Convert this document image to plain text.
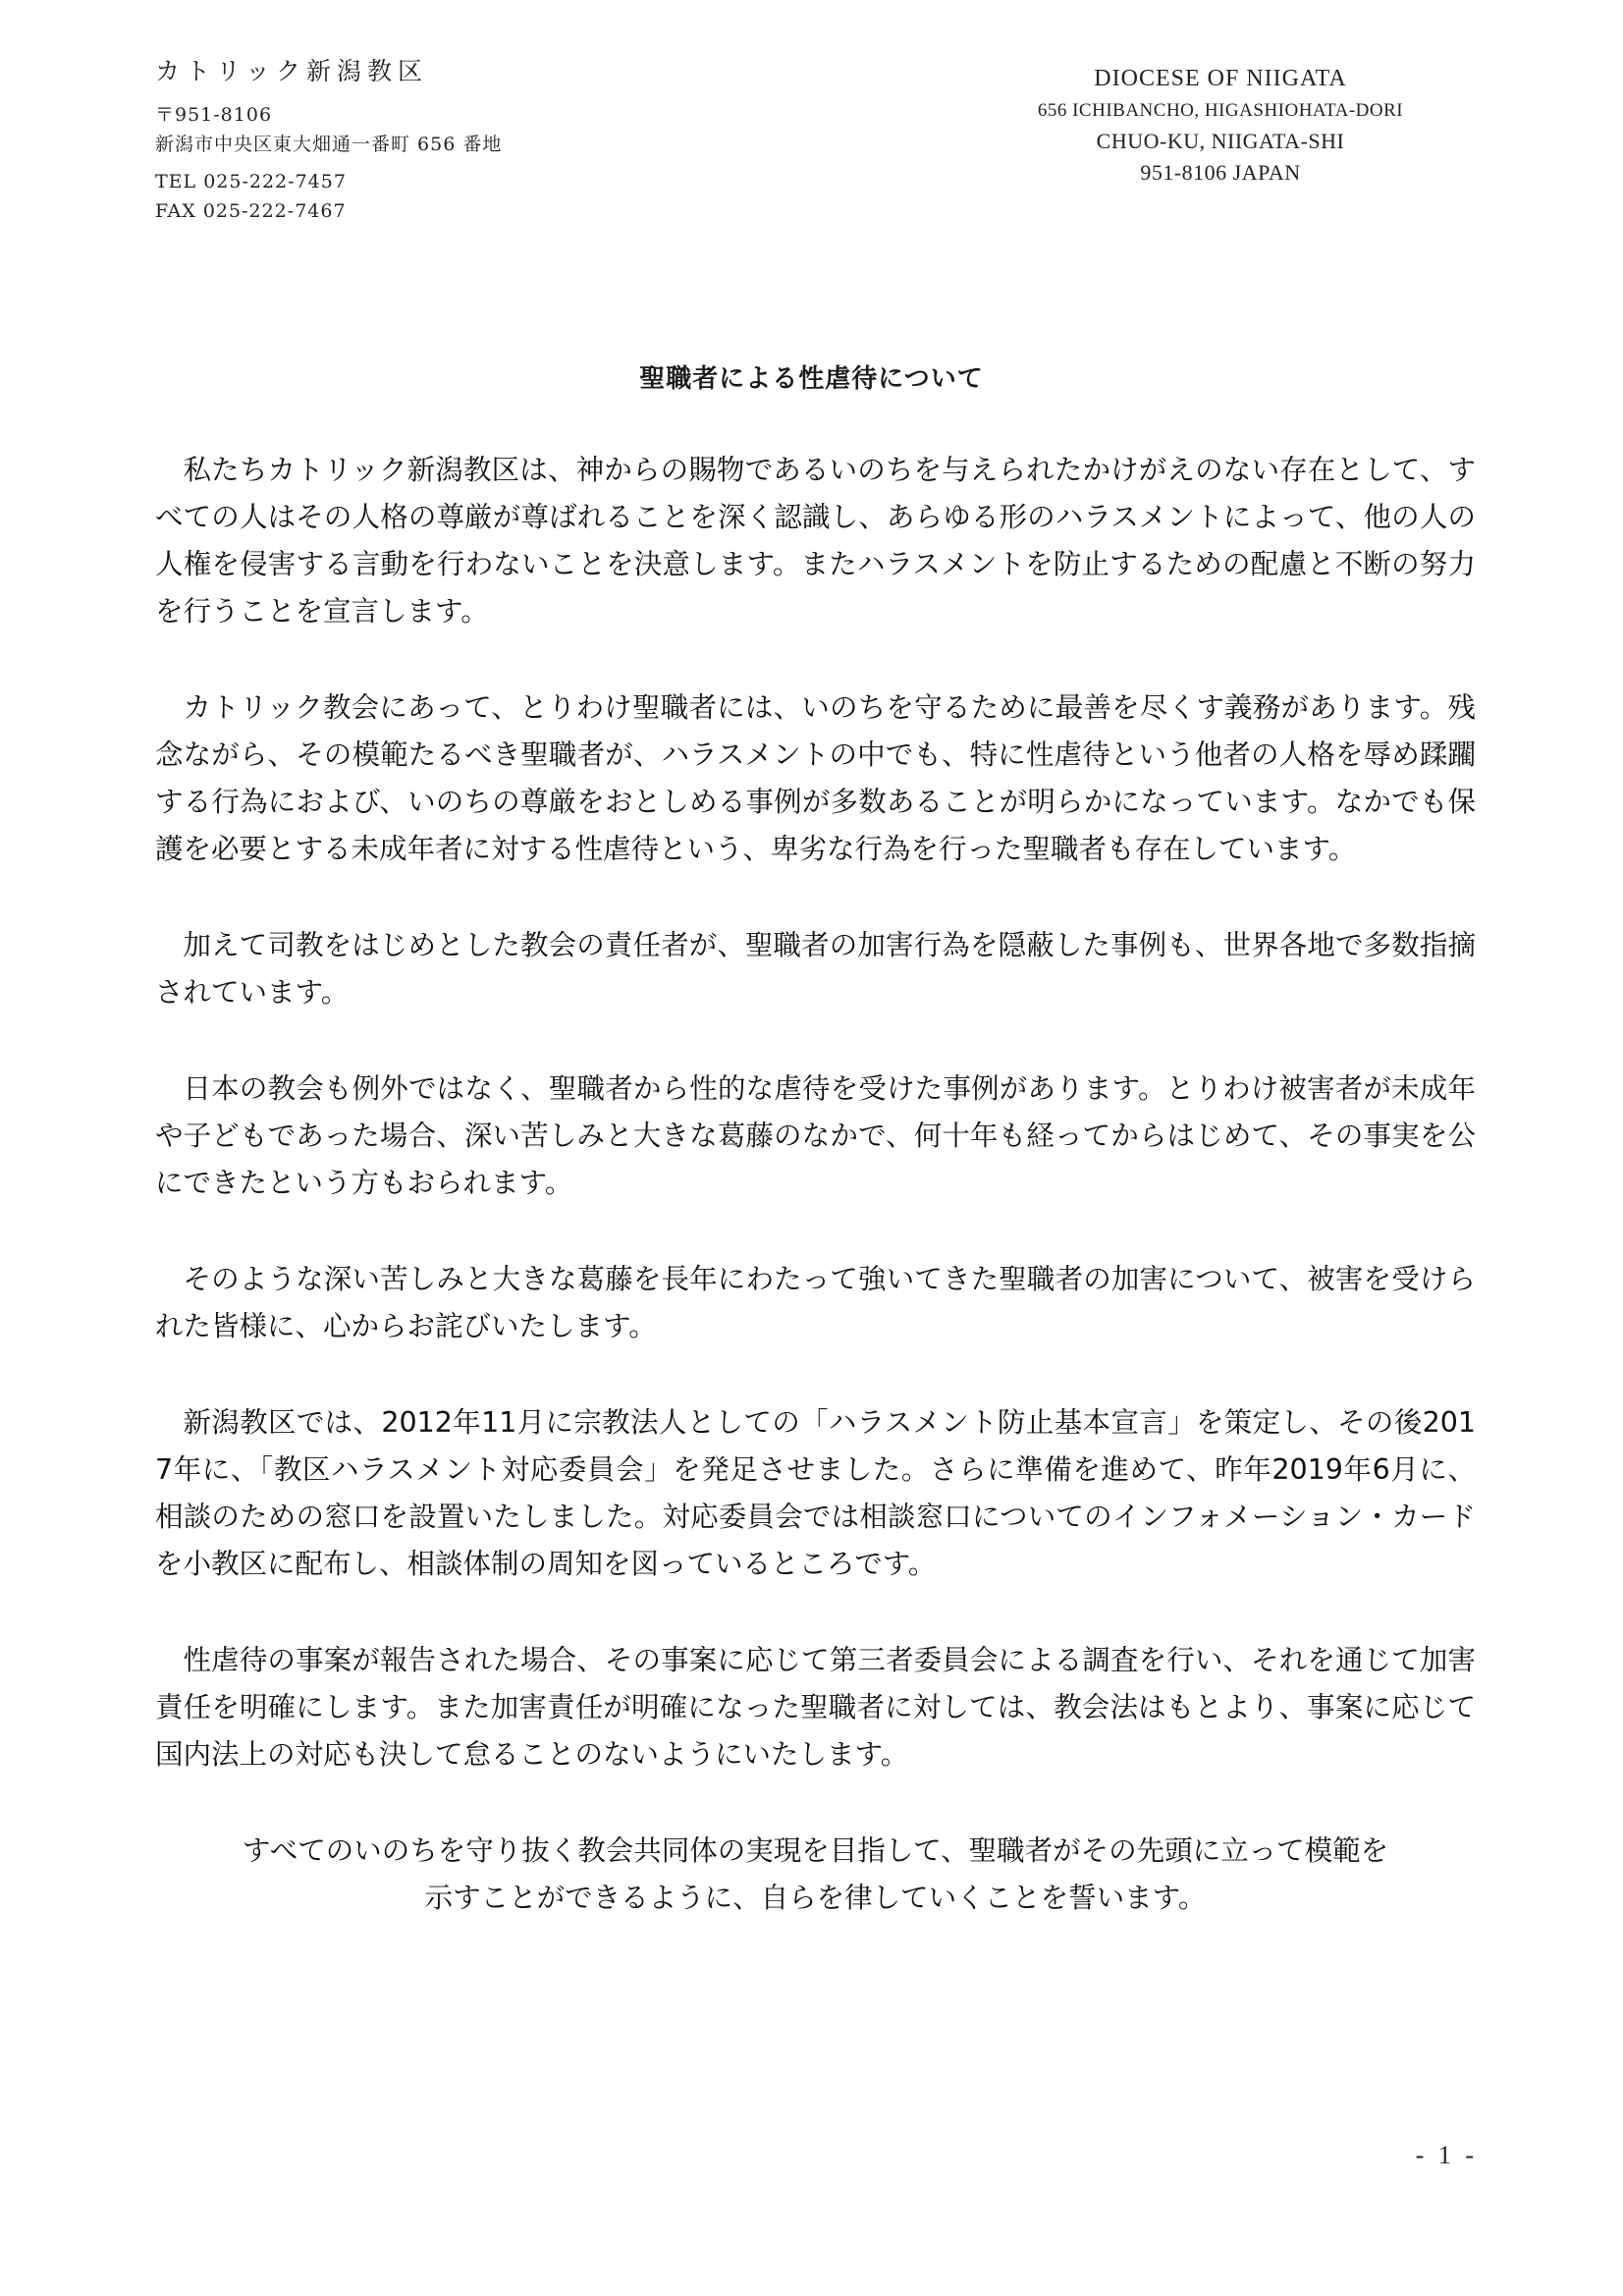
カトリック新潟教区
〒951-8106
新潟市中央区東大畑通一番町 656 番地
TEL 025-222-7457
FAX 025-222-7467
DIOCESE OF NIIGATA
656 ICHIBANCHO, HIGASHIOHATA-DORI
CHUO-KU, NIIGATA-SHI
951-8106 JAPAN
聖職者による性虐待について

私たちカトリック新潟教区は、神からの賜物であるいのちを与えられたかけがえのない存在として、すべての人はその人格の尊厳が尊ばれることを深く認識し、あらゆる形のハラスメントによって、他の人の人権を侵害する言動を行わないことを決意します。またハラスメントを防止するための配慮と不断の努力を行うことを宣言します。

カトリック教会にあって、とりわけ聖職者には、いのちを守るために最善を尽くす義務があります。残念ながら、その模範たるべき聖職者が、ハラスメントの中でも、特に性虐待という他者の人格を辱め蹂躙する行為におよび、いのちの尊厳をおとしめる事例が多数あることが明らかになっています。なかでも保護を必要とする未成年者に対する性虐待という、卑劣な行為を行った聖職者も存在しています。

加えて司教をはじめとした教会の責任者が、聖職者の加害行為を隠蔽した事例も、世界各地で多数指摘されています。

日本の教会も例外ではなく、聖職者から性的な虐待を受けた事例があります。とりわけ被害者が未成年や子どもであった場合、深い苦しみと大きな葛藤のなかで、何十年も経ってからはじめて、その事実を公にできたという方もおられます。

そのような深い苦しみと大きな葛藤を長年にわたって強いてきた聖職者の加害について、被害を受けられた皆様に、心からお詫びいたします。

新潟教区では、2012年11月に宗教法人としての「ハラスメント防止基本宣言」を策定し、その後2017年に、「教区ハラスメント対応委員会」を発足させました。さらに準備を進めて、昨年2019年6月に、相談のための窓口を設置いたしました。対応委員会では相談窓口についてのインフォメーション・カードを小教区に配布し、相談体制の周知を図っているところです。

性虐待の事案が報告された場合、その事案に応じて第三者委員会による調査を行い、それを通じて加害責任を明確にします。また加害責任が明確になった聖職者に対しては、教会法はもとより、事案に応じて国内法上の対応も決して怠ることのないようにいたします。

すべてのいのちを守り抜く教会共同体の実現を目指して、聖職者がその先頭に立って模範を
示すことができるように、自らを律していくことを誓います。

- 1 -
